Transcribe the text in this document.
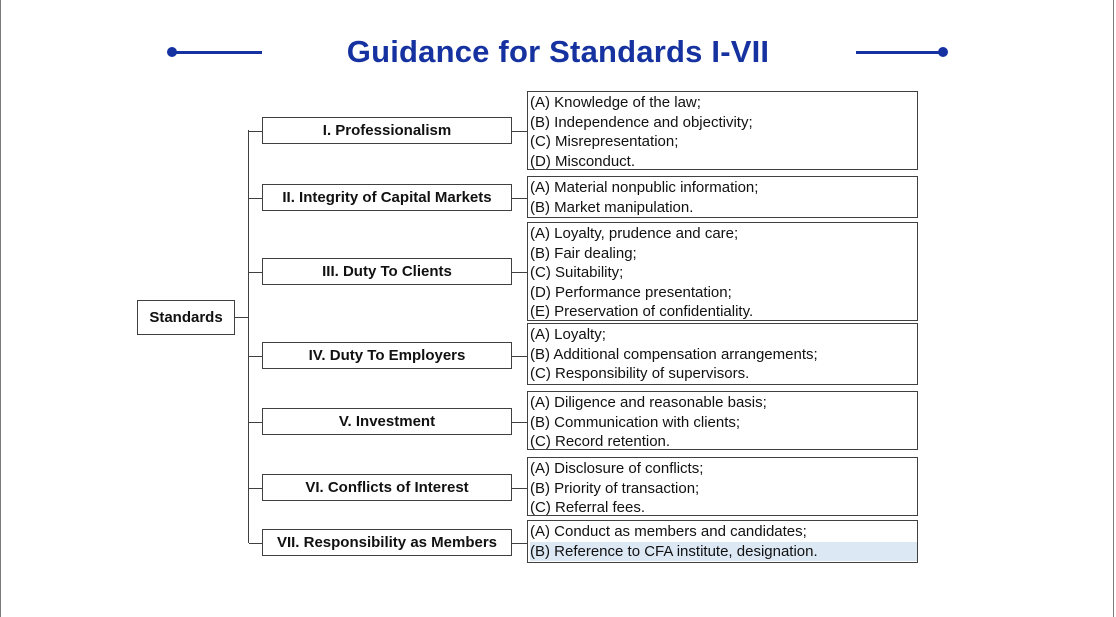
Guidance for Standards I-VII
Standards
I. Professionalism
(A) Knowledge of the law;
(B) Independence and objectivity;
(C) Misrepresentation;
(D) Misconduct.
II. Integrity of Capital Markets
(A) Material nonpublic information;
(B) Market manipulation.
III. Duty To Clients
(A) Loyalty, prudence and care;
(B) Fair dealing;
(C) Suitability;
(D) Performance presentation;
(E) Preservation of confidentiality.
IV. Duty To Employers
(A) Loyalty;
(B) Additional compensation arrangements;
(C) Responsibility of supervisors.
V. Investment
(A) Diligence and reasonable basis;
(B) Communication with clients;
(C) Record retention.
VI. Conflicts of Interest
(A) Disclosure of conflicts;
(B) Priority of transaction;
(C) Referral fees.
VII. Responsibility as Members
(A) Conduct as members and candidates;
(B) Reference to CFA institute, designation.
